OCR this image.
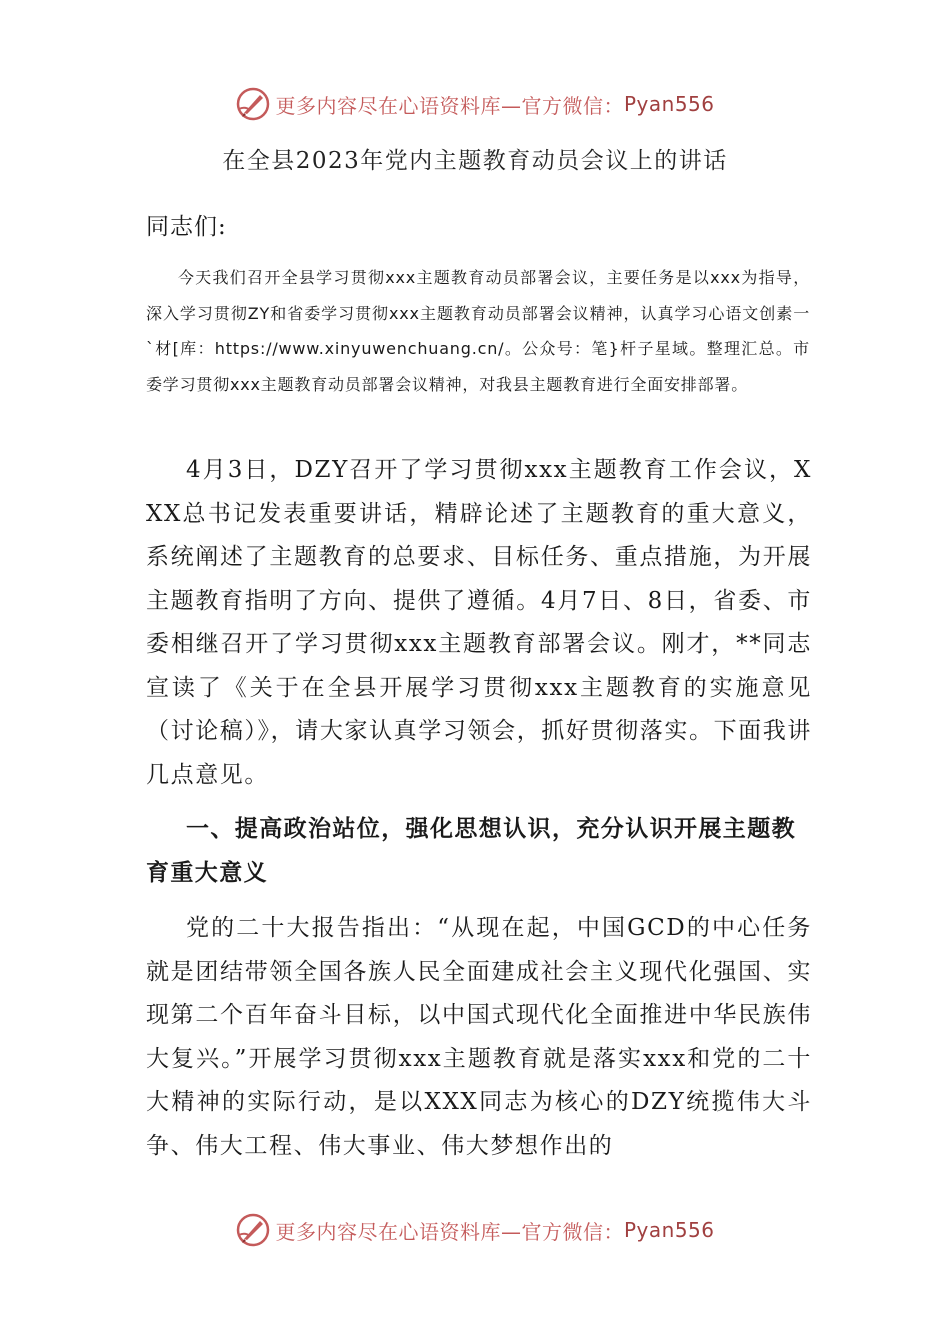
更多内容尽在心语资料库—官方微信： Pyan556
在全县2023年党内主题教育动员会议上的讲话
同志们:

今天我们召开全县学习贯彻xxx主题教育动员部署会议，主要任务是以xxx为指导，深入学习贯彻ZY和省委学习贯彻xxx主题教育动员部署会议精神，认真学习心语文创素一`材[库：https://www.xinyuwenchuang.cn/。公众号：笔}杆子星域。整理汇总。市委学习贯彻xxx主题教育动员部署会议精神，对我县主题教育进行全面安排部署。

4月3日，DZY召开了学习贯彻xxx主题教育工作会议，XXX总书记发表重要讲话，精辟论述了主题教育的重大意义，系统阐述了主题教育的总要求、目标任务、重点措施，为开展主题教育指明了方向、提供了遵循。4月7日、8日，省委、市委相继召开了学习贯彻xxx主题教育部署会议。刚才，**同志宣读了《关于在全县开展学习贯彻xxx主题教育的实施意见（讨论稿）》，请大家认真学习领会，抓好贯彻落实。下面我讲几点意见。

一、提高政治站位，强化思想认识，充分认识开展主题教育重大意义

党的二十大报告指出：“从现在起，中国GCD的中心任务就是团结带领全国各族人民全面建成社会主义现代化强国、实现第二个百年奋斗目标，以中国式现代化全面推进中华民族伟大复兴。”开展学习贯彻xxx主题教育就是落实xxx和党的二十大精神的实际行动，是以XXX同志为核心的DZY统揽伟大斗争、伟大工程、伟大事业、伟大梦想作出的

更多内容尽在心语资料库—官方微信： Pyan556
